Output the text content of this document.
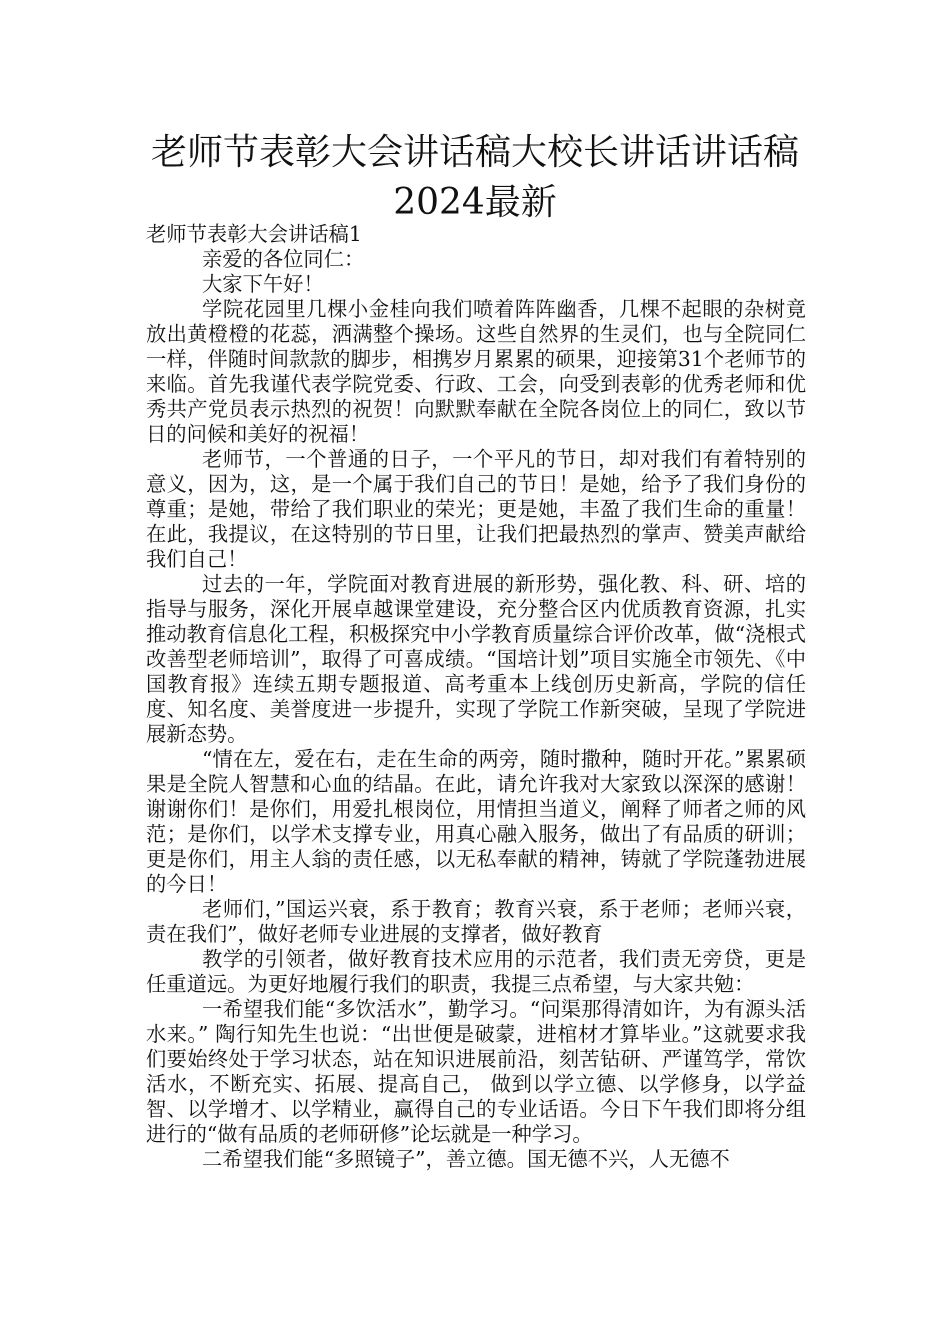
老师节表彰大会讲话稿大校长讲话讲话稿
2024最新

老师节表彰大会讲话稿1

亲爱的各位同仁：

大家下午好！

学院花园里几棵小金桂向我们喷着阵阵幽香，几棵不起眼的杂树竟放出黄橙橙的花蕊，洒满整个操场。这些自然界的生灵们，也与全院同仁一样，伴随时间款款的脚步，相携岁月累累的硕果，迎接第31个老师节的来临。首先我谨代表学院党委、行政、工会，向受到表彰的优秀老师和优秀共产党员表示热烈的祝贺！向默默奉献在全院各岗位上的同仁，致以节日的问候和美好的祝福！

老师节，一个普通的日子，一个平凡的节日，却对我们有着特别的意义，因为，这，是一个属于我们自己的节日！是她，给予了我们身份的尊重；是她，带给了我们职业的荣光；更是她，丰盈了我们生命的重量！在此，我提议，在这特别的节日里，让我们把最热烈的掌声、赞美声献给我们自己！

过去的一年，学院面对教育进展的新形势，强化教、科、研、培的指导与服务，深化开展卓越课堂建设，充分整合区内优质教育资源，扎实推动教育信息化工程，积极探究中小学教育质量综合评价改革，做“浇根式改善型老师培训”，取得了可喜成绩。“国培计划”项目实施全市领先、《中国教育报》连续五期专题报道、高考重本上线创历史新高，学院的信任度、知名度、美誉度进一步提升，实现了学院工作新突破，呈现了学院进展新态势。

“情在左，爱在右，走在生命的两旁，随时撒种，随时开花。”累累硕果是全院人智慧和心血的结晶。在此，请允许我对大家致以深深的感谢！谢谢你们！是你们，用爱扎根岗位，用情担当道义，阐释了师者之师的风范；是你们，以学术支撑专业，用真心融入服务，做出了有品质的研训；更是你们，用主人翁的责任感，以无私奉献的精神，铸就了学院蓬勃进展的今日！

老师们，”国运兴衰，系于教育；教育兴衰，系于老师；老师兴衰，责在我们”，做好老师专业进展的支撑者，做好教育

教学的引领者，做好教育技术应用的示范者，我们责无旁贷，更是任重道远。为更好地履行我们的职责，我提三点希望，与大家共勉：

一希望我们能“多饮活水”，勤学习。“问渠那得清如许，为有源头活水来。” 陶行知先生也说：“出世便是破蒙，进棺材才算毕业。”这就要求我们要始终处于学习状态，站在知识进展前沿，刻苦钻研、严谨笃学，常饮活水，不断充实、拓展、提高自己， 做到以学立德、以学修身，以学益智、以学增才、以学精业，赢得自己的专业话语。今日下午我们即将分组进行的“做有品质的老师研修”论坛就是一种学习。

二希望我们能“多照镜子”，善立德。国无德不兴，人无德不
